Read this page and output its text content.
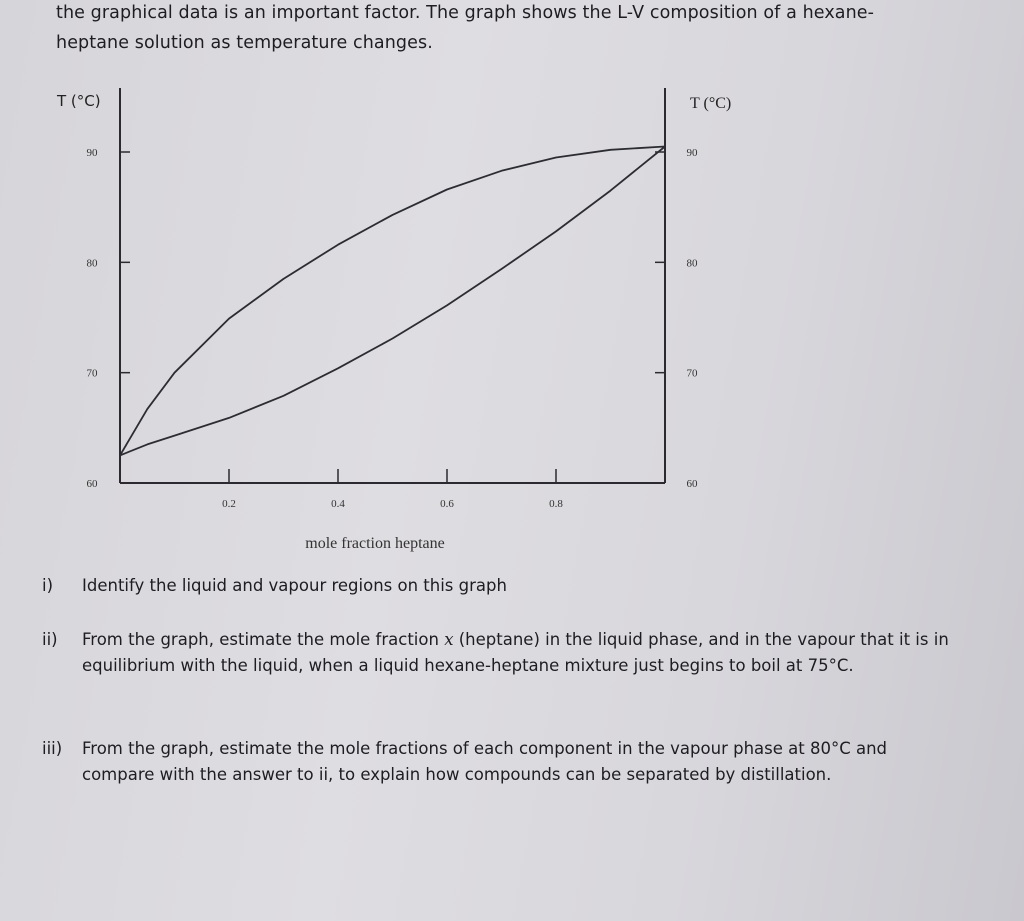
the graphical data is an important factor. The graph shows the L-V composition of a hexane-

heptane solution as temperature changes.

60	60
70	70
80	80
90	90
0.2	0.4	0.6	0.8
T (°C)	T (°C)
mole fraction heptane
i) Identify the liquid and vapour regions on this graph
ii) From the graph, estimate the mole fraction x (heptane) in the liquid phase, and in the vapour that it is in equilibrium with the liquid, when a liquid hexane-heptane mixture just begins to boil at 75°C.
iii) From the graph, estimate the mole fractions of each component in the vapour phase at 80°C and compare with the answer to ii, to explain how compounds can be separated by distillation.
